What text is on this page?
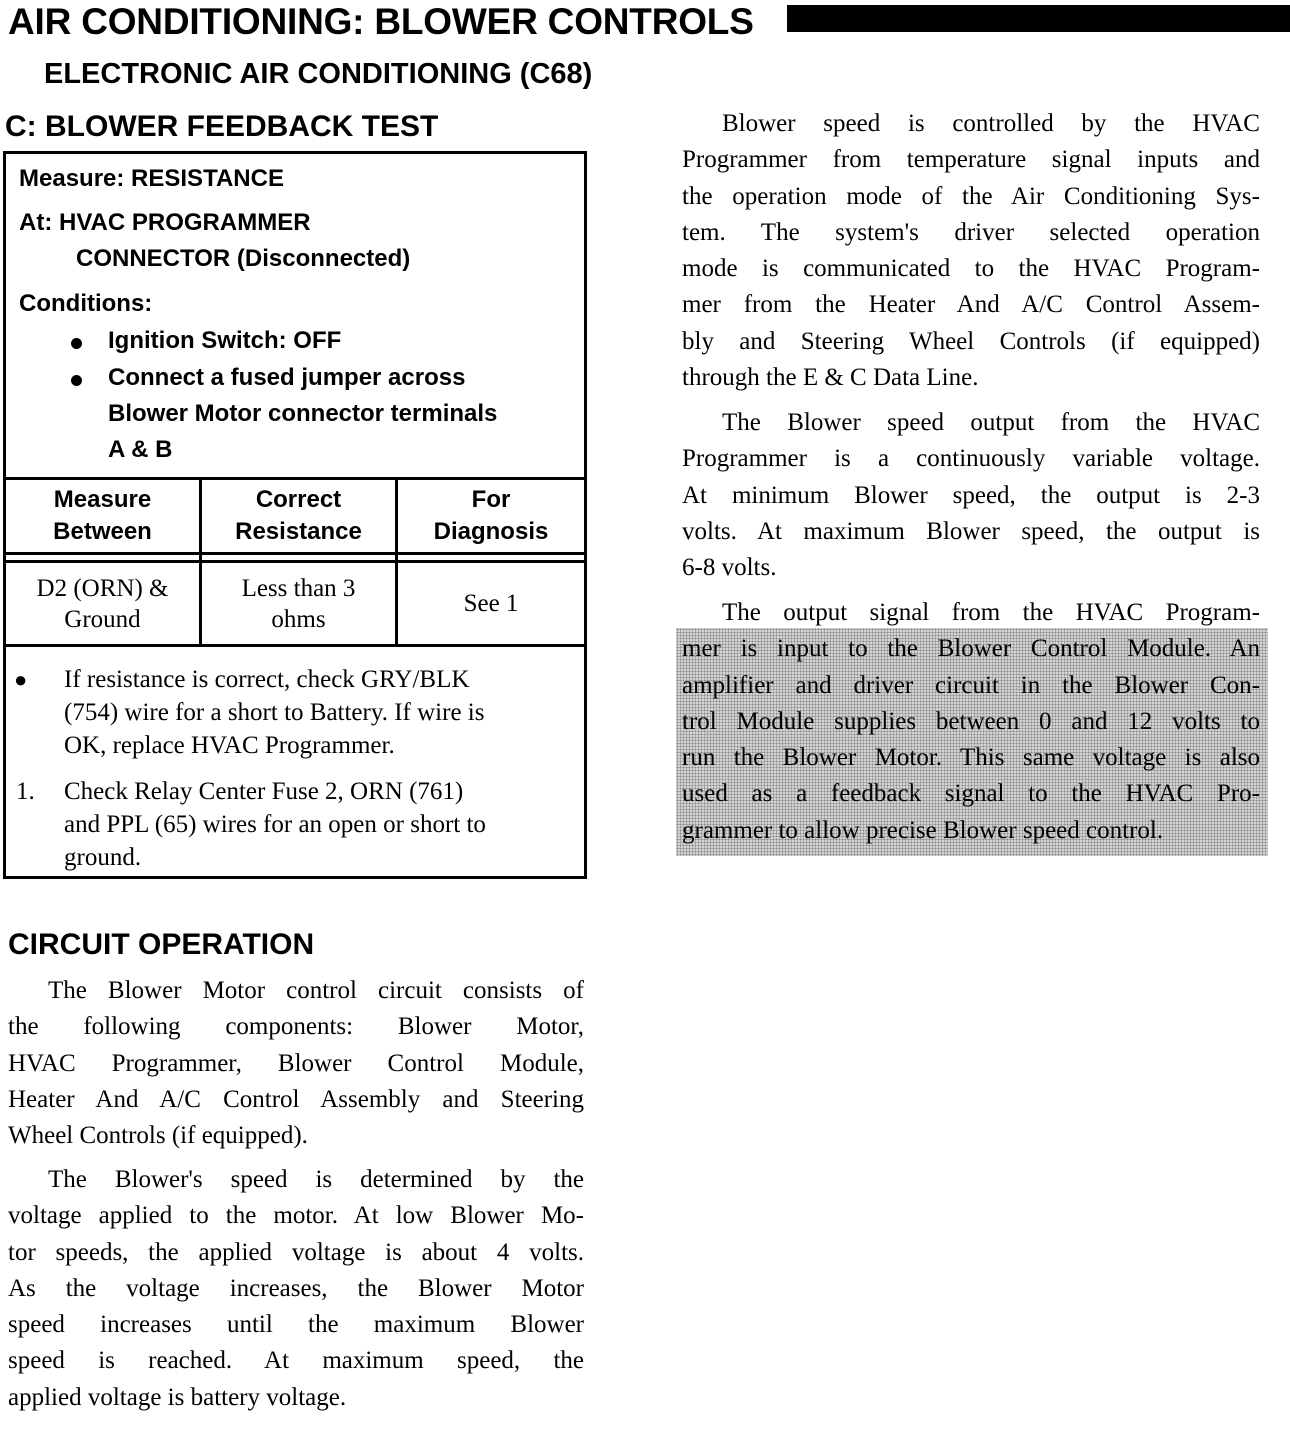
AIR CONDITIONING: BLOWER CONTROLS
ELECTRONIC AIR CONDITIONING (C68)
C: BLOWER FEEDBACK TEST
Measure: RESISTANCE
At: HVAC PROGRAMMER
CONNECTOR (Disconnected)
Conditions:
Ignition Switch: OFF
Connect a fused jumper across
Blower Motor connector terminals
A & B
Measure
Between
Correct
Resistance
For
Diagnosis
D2 (ORN) &
Ground
Less than 3
ohms
See 1
● If resistance is correct, check GRY/BLK
(754) wire for a short to Battery. If wire is
OK, replace HVAC Programmer.
1. Check Relay Center Fuse 2, ORN (761)
and PPL (65) wires for an open or short to
ground.
CIRCUIT OPERATION
The Blower Motor control circuit consists of
the following components: Blower Motor,
HVAC Programmer, Blower Control Module,
Heater And A/C Control Assembly and Steering
Wheel Controls (if equipped).
The Blower's speed is determined by the
voltage applied to the motor. At low Blower Mo-
tor speeds, the applied voltage is about 4 volts.
As the voltage increases, the Blower Motor
speed increases until the maximum Blower
speed is reached. At maximum speed, the
applied voltage is battery voltage.
Blower speed is controlled by the HVAC
Programmer from temperature signal inputs and
the operation mode of the Air Conditioning Sys-
tem. The system's driver selected operation
mode is communicated to the HVAC Program-
mer from the Heater And A/C Control Assem-
bly and Steering Wheel Controls (if equipped)
through the E & C Data Line.
The Blower speed output from the HVAC
Programmer is a continuously variable voltage.
At minimum Blower speed, the output is 2-3
volts. At maximum Blower speed, the output is
6-8 volts.
The output signal from the HVAC Program-
mer is input to the Blower Control Module. An
amplifier and driver circuit in the Blower Con-
trol Module supplies between 0 and 12 volts to
run the Blower Motor. This same voltage is also
used as a feedback signal to the HVAC Pro-
grammer to allow precise Blower speed control.
